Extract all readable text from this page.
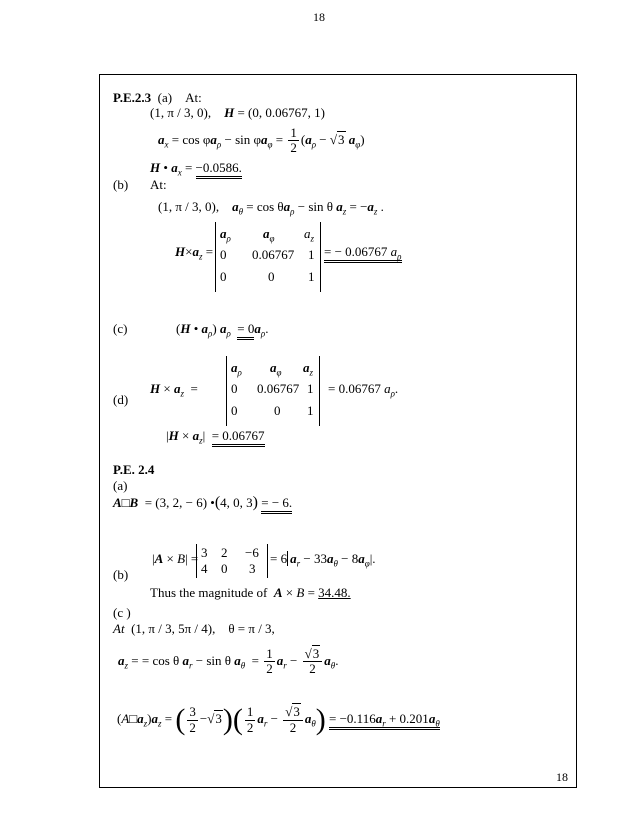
18
P.E.2.3 (a) At:
(1, π / 3, 0), H = (0, 0.06767, 1)
$a_x = \cos \varphi a_\rho - \sin \varphi a_\varphi = \frac{1}{2} (a_\rho - √3$ $a_\varphi$)
H • $a_x = -0.0586$.
(b) At:
(1, π / 3, 0), $a_\theta = \cos \theta a_\rho - \sin \theta$ $a_z = -a_z$ .
$H\times a_z$ =
$a_\rho$ $a_\varphi$ $a_z$
0 0.06767 1
0	0	1
= − 0.06767 $a_\rho$
(c)	(H • $a_\rho$) $a_\rho = 0a_\rho$.
(d)
$H \times a_z$  =
$a_\rho$ $a_\varphi$ $a_z$
0 0.06767 1
0	0 1
= 0.06767 $a_\rho$.
$|H \times a_z| = 0.06767$
P.E. 2.4
(a)
A□B = (3, 2, − 6) •(4, 0, 3) = − 6.
(b)
|A × B| = 3 2 −6
4 0 3
= 6 $a_r - 33a_\theta - 8a_\varphi|$.
Thus the magnitude of A × B = 34.48.
(c )
At (1, π / 3, 5π / 4), θ = π / 3,
$a_z$ = = cos θ $a_r - \sin \theta$ $a_\theta = \frac{1}{2} a_r - \frac{√3}{2} a_\theta$.
$(A□a_z)a_z$ = ( $\frac{3}{2} -√3)( \frac{1}{2} a_r - \frac{√3}{2} a_\theta) = -0.116a_r + 0.201a_\theta$
18
